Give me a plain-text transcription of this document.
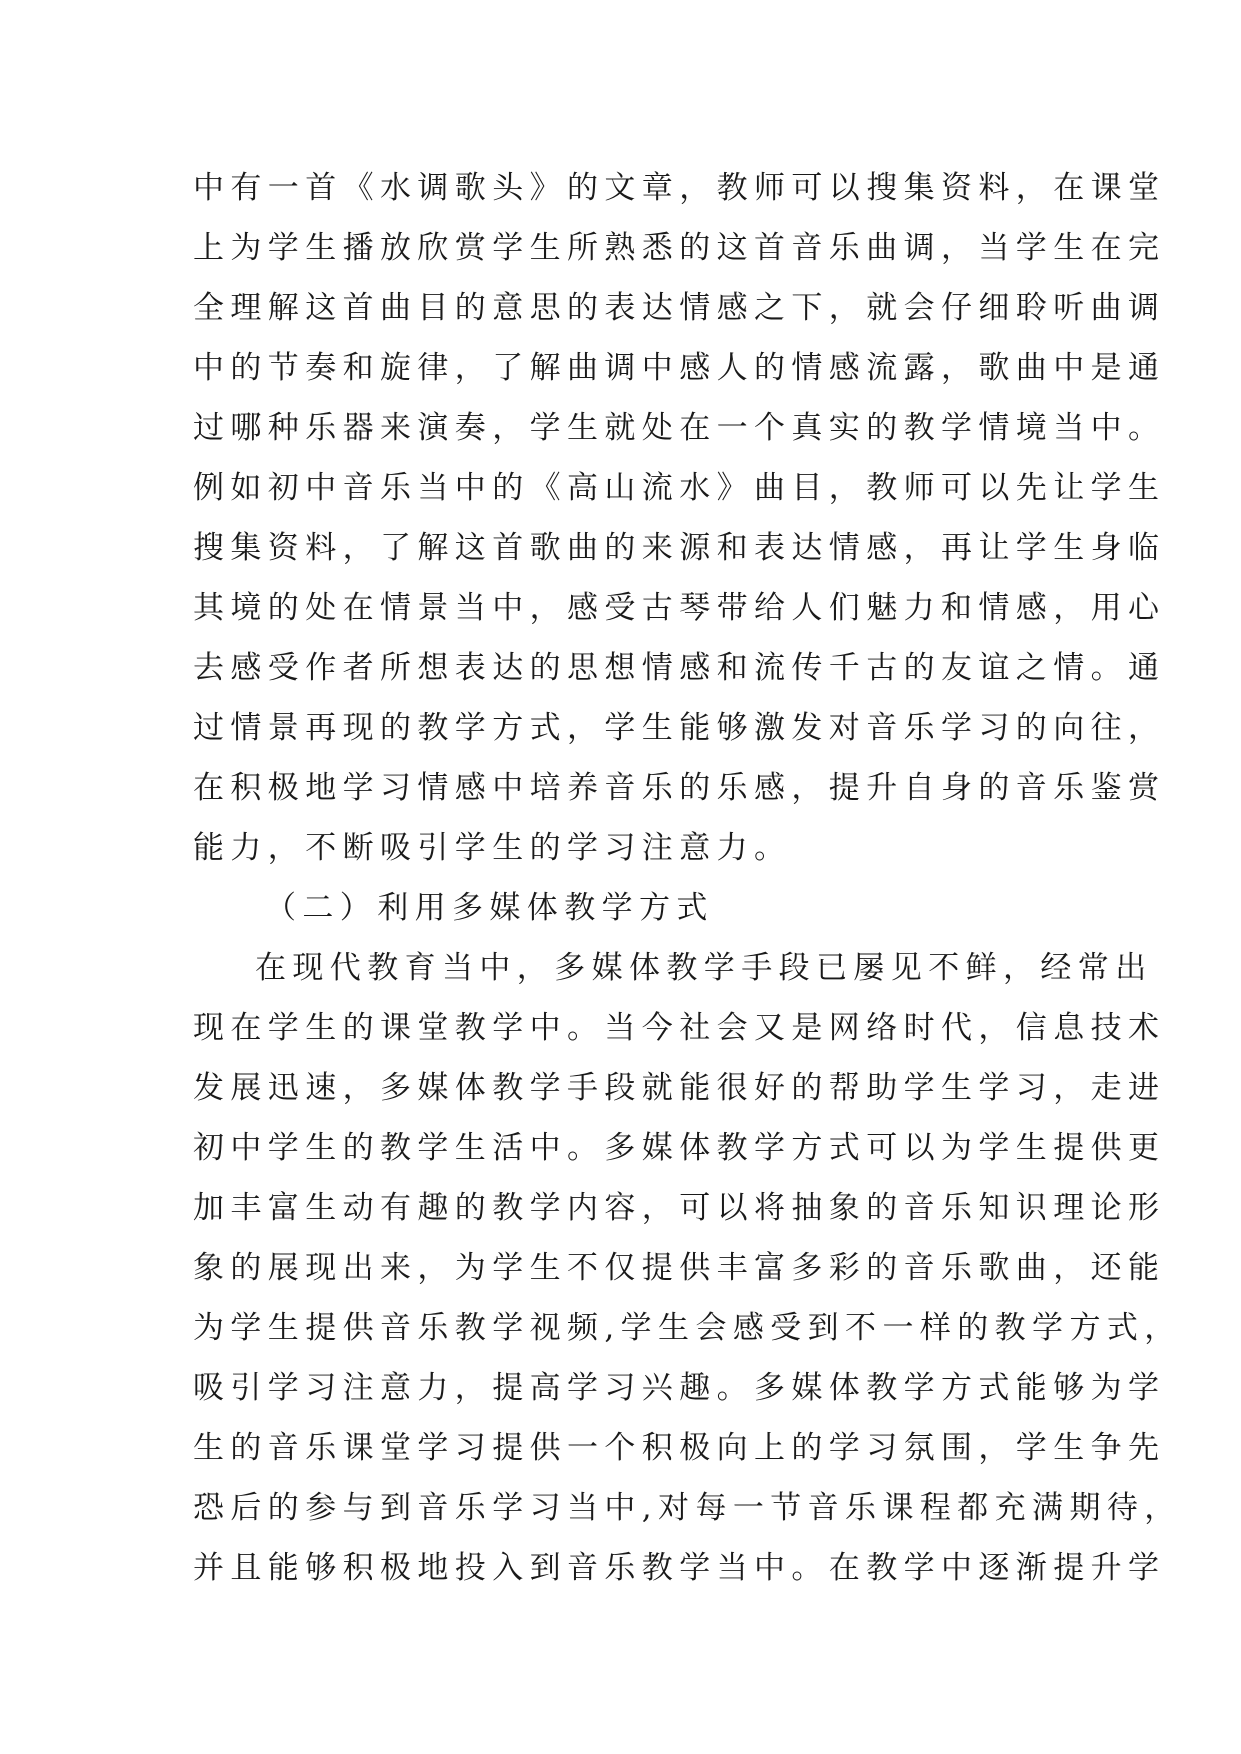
中有一首《水调歌头》的文章，教师可以搜集资料，在课堂
上为学生播放欣赏学生所熟悉的这首音乐曲调，当学生在完
全理解这首曲目的意思的表达情感之下，就会仔细聆听曲调
中的节奏和旋律，了解曲调中感人的情感流露，歌曲中是通
过哪种乐器来演奏，学生就处在一个真实的教学情境当中。
例如初中音乐当中的《高山流水》曲目，教师可以先让学生
搜集资料，了解这首歌曲的来源和表达情感，再让学生身临
其境的处在情景当中，感受古琴带给人们魅力和情感，用心
去感受作者所想表达的思想情感和流传千古的友谊之情。通
过情景再现的教学方式，学生能够激发对音乐学习的向往，
在积极地学习情感中培养音乐的乐感，提升自身的音乐鉴赏
能力，不断吸引学生的学习注意力。
（二）利用多媒体教学方式
在现代教育当中，多媒体教学手段已屡见不鲜，经常出
现在学生的课堂教学中。当今社会又是网络时代，信息技术
发展迅速，多媒体教学手段就能很好的帮助学生学习，走进
初中学生的教学生活中。多媒体教学方式可以为学生提供更
加丰富生动有趣的教学内容，可以将抽象的音乐知识理论形
象的展现出来，为学生不仅提供丰富多彩的音乐歌曲，还能
为学生提供音乐教学视频,学生会感受到不一样的教学方式，
吸引学习注意力，提高学习兴趣。多媒体教学方式能够为学
生的音乐课堂学习提供一个积极向上的学习氛围，学生争先
恐后的参与到音乐学习当中,对每一节音乐课程都充满期待，
并且能够积极地投入到音乐教学当中。在教学中逐渐提升学
